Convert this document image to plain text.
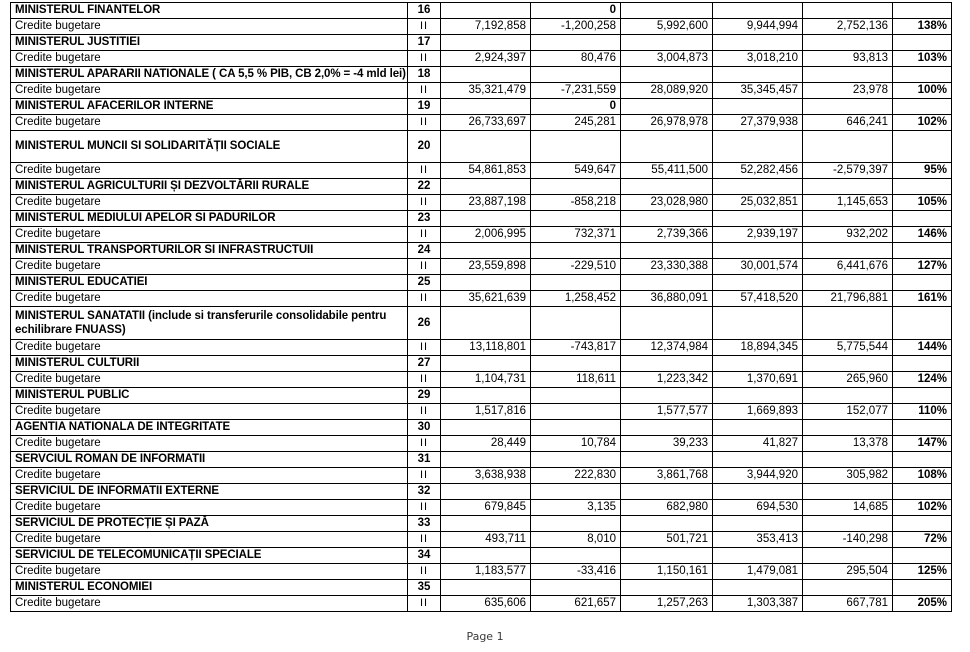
MINISTERUL FINANTELOR	16		0				
Credite bugetare	II	7,192,858	-1,200,258	5,992,600	9,944,994	2,752,136	138%
MINISTERUL JUSTITIEI	17						
Credite bugetare	II	2,924,397	80,476	3,004,873	3,018,210	93,813	103%
MINISTERUL APARARII NATIONALE ( CA 5,5 % PIB, CB 2,0% = -4 mld lei)	18						
Credite bugetare	II	35,321,479	-7,231,559	28,089,920	35,345,457	23,978	100%
MINISTERUL AFACERILOR INTERNE	19		0				
Credite bugetare	II	26,733,697	245,281	26,978,978	27,379,938	646,241	102%
MINISTERUL MUNCII SI SOLIDARITĂȚII SOCIALE	20						
Credite bugetare	II	54,861,853	549,647	55,411,500	52,282,456	-2,579,397	95%
MINISTERUL AGRICULTURII ȘI DEZVOLTĂRII RURALE	22						
Credite bugetare	II	23,887,198	-858,218	23,028,980	25,032,851	1,145,653	105%
MINISTERUL MEDIULUI APELOR SI PADURILOR	23						
Credite bugetare	II	2,006,995	732,371	2,739,366	2,939,197	932,202	146%
MINISTERUL TRANSPORTURILOR SI INFRASTRUCTUII	24						
Credite bugetare	II	23,559,898	-229,510	23,330,388	30,001,574	6,441,676	127%
MINISTERUL EDUCATIEI	25						
Credite bugetare	II	35,621,639	1,258,452	36,880,091	57,418,520	21,796,881	161%
MINISTERUL SANATATII (include si transferurile consolidabile pentru echilibrare FNUASS)	26						
Credite bugetare	II	13,118,801	-743,817	12,374,984	18,894,345	5,775,544	144%
MINISTERUL CULTURII	27						
Credite bugetare	II	1,104,731	118,611	1,223,342	1,370,691	265,960	124%
MINISTERUL PUBLIC	29						
Credite bugetare	II	1,517,816		1,577,577	1,669,893	152,077	110%
AGENTIA NATIONALA DE INTEGRITATE	30						
Credite bugetare	II	28,449	10,784	39,233	41,827	13,378	147%
SERVCIUL ROMAN DE INFORMATII	31						
Credite bugetare	II	3,638,938	222,830	3,861,768	3,944,920	305,982	108%
SERVICIUL DE INFORMATII EXTERNE	32						
Credite bugetare	II	679,845	3,135	682,980	694,530	14,685	102%
SERVICIUL DE PROTECȚIE ȘI PAZĂ	33						
Credite bugetare	II	493,711	8,010	501,721	353,413	-140,298	72%
SERVICIUL DE TELECOMUNICAȚII SPECIALE	34						
Credite bugetare	II	1,183,577	-33,416	1,150,161	1,479,081	295,504	125%
MINISTERUL ECONOMIEI	35						
Credite bugetare	II	635,606	621,657	1,257,263	1,303,387	667,781	205%
Page 1
